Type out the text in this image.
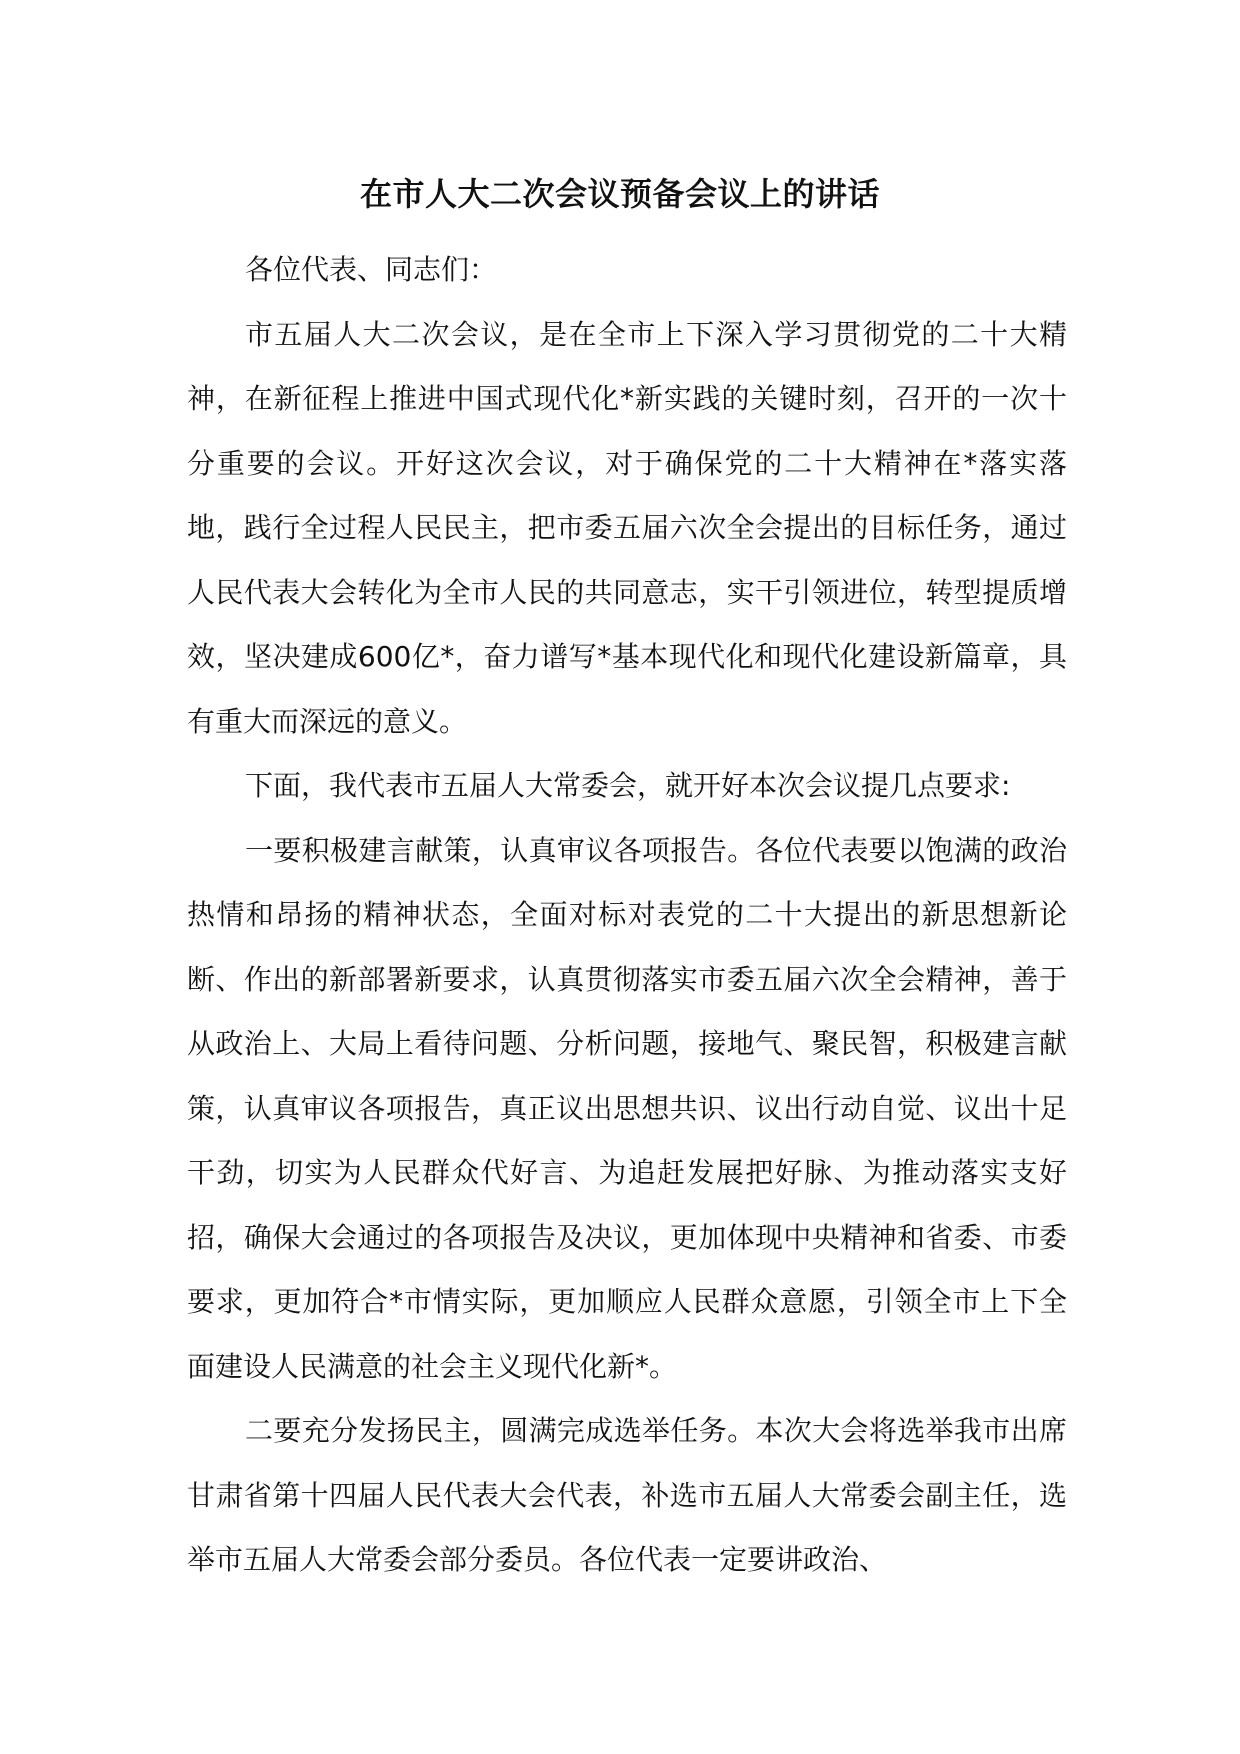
在市人大二次会议预备会议上的讲话

各位代表、同志们：

市五届人大二次会议，是在全市上下深入学习贯彻党的二十大精神，在新征程上推进中国式现代化*新实践的关键时刻，召开的一次十分重要的会议。开好这次会议，对于确保党的二十大精神在*落实落地，践行全过程人民民主，把市委五届六次全会提出的目标任务，通过人民代表大会转化为全市人民的共同意志，实干引领进位，转型提质增效，坚决建成600亿*，奋力谱写*基本现代化和现代化建设新篇章，具有重大而深远的意义。

下面，我代表市五届人大常委会，就开好本次会议提几点要求:

一要积极建言献策，认真审议各项报告。各位代表要以饱满的政治热情和昂扬的精神状态，全面对标对表党的二十大提出的新思想新论断、作出的新部署新要求，认真贯彻落实市委五届六次全会精神，善于从政治上、大局上看待问题、分析问题，接地气、聚民智，积极建言献策，认真审议各项报告，真正议出思想共识、议出行动自觉、议出十足干劲，切实为人民群众代好言、为追赶发展把好脉、为推动落实支好招，确保大会通过的各项报告及决议，更加体现中央精神和省委、市委要求，更加符合*市情实际，更加顺应人民群众意愿，引领全市上下全面建设人民满意的社会主义现代化新*。

二要充分发扬民主，圆满完成选举任务。本次大会将选举我市出席甘肃省第十四届人民代表大会代表，补选市五届人大常委会副主任，选举市五届人大常委会部分委员。各位代表一定要讲政治、
